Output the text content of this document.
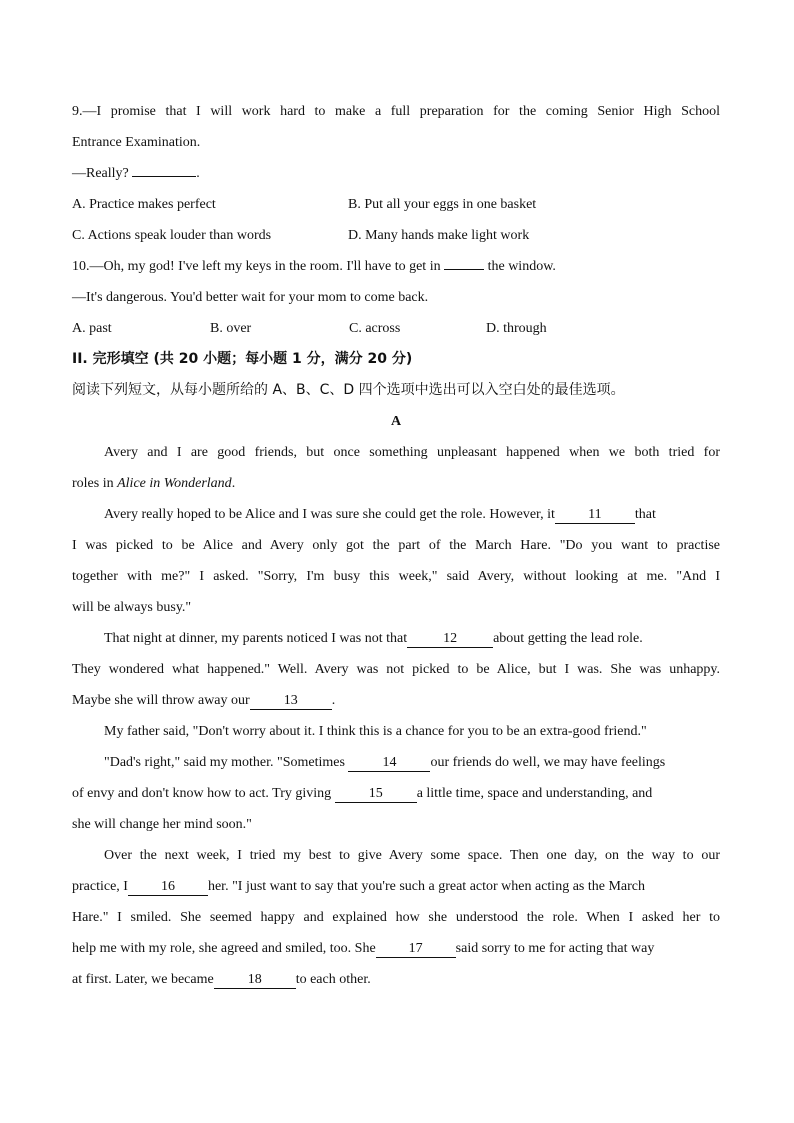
9.—I promise that I will work hard to make a full preparation for the coming Senior High School
Entrance Examination.
—Really?	.
A. Practice makes perfect	B. Put all your eggs in one basket
C. Actions speak louder than words	D. Many hands make light work
10.—Oh, my god! I've left my keys in the room. I'll have to get in	the window.
—It's dangerous. You'd better wait for your mom to come back.
A. past	B. over	C. across	D. through
II. 完形填空 (共 20 小题；每小题 1 分，满分 20 分)
阅读下列短文，从每小题所给的 A、B、C、D 四个选项中选出可以入空白处的最佳选项。
A
Avery and I are good friends, but once something unpleasant happened when we both tried for
roles in Alice in Wonderland.
Avery really hoped to be Alice and I was sure she could get the role. However, it 11 that
I was picked to be Alice and Avery only got the part of the March Hare. "Do you want to practise
together with me?" I asked. "Sorry, I'm busy this week," said Avery, without looking at me. "And I
will be always busy."
That night at dinner, my parents noticed I was not that	12	about getting the lead role.
They wondered what happened." Well. Avery was not picked to be Alice, but I was. She was unhappy.
Maybe she will throw away our 13 .
My father said, "Don't worry about it. I think this is a chance for you to be an extra-good friend."
"Dad's right," said my mother. "Sometimes	14 our friends do well, we may have feelings
of envy and don't know how to act. Try giving	15 a little time, space and understanding, and
she will change her mind soon."
Over the next week, I tried my best to give Avery some space. Then one day, on the way to our
practice, I 16 her. "I just want to say that you're such a great actor when acting as the March
Hare." I smiled. She seemed happy and explained how she understood the role. When I asked her to
help me with my role, she agreed and smiled, too. She 17 said sorry to me for acting that way
at first. Later, we became 18 to each other.
